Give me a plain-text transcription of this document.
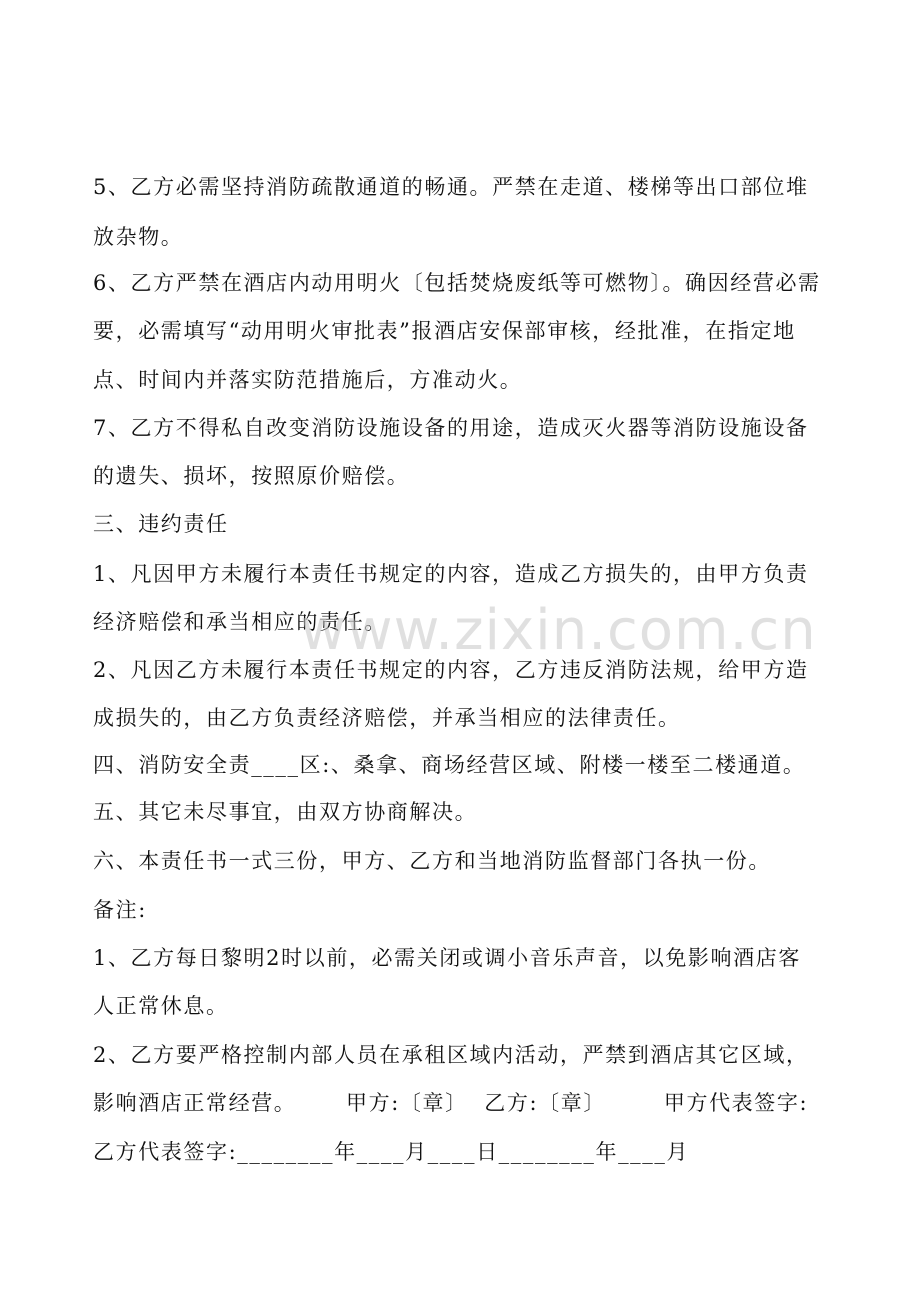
5、乙方必需坚持消防疏散通道的畅通。严禁在走道、楼梯等出口部位堆
放杂物。
6、乙方严禁在酒店内动用明火〔包括焚烧废纸等可燃物〕。确因经营必需
要，必需填写“动用明火审批表”报酒店安保部审核，经批准，在指定地
点、时间内并落实防范措施后，方准动火。
7、乙方不得私自改变消防设施设备的用途，造成灭火器等消防设施设备
的遗失、损坏，按照原价赔偿。
三、违约责任
1、凡因甲方未履行本责任书规定的内容，造成乙方损失的，由甲方负责
经济赔偿和承当相应的责任。
2、凡因乙方未履行本责任书规定的内容，乙方违反消防法规，给甲方造
成损失的，由乙方负责经济赔偿，并承当相应的法律责任。
四、消防安全责____区:、桑拿、商场经营区域、附楼一楼至二楼通道。
五、其它未尽事宜，由双方协商解决。
六、本责任书一式三份，甲方、乙方和当地消防监督部门各执一份。
备注:
1、乙方每日黎明2时以前，必需关闭或调小音乐声音，以免影响酒店客
人正常休息。
2、乙方要严格控制内部人员在承租区域内活动，严禁到酒店其它区域，
影响酒店正常经营。      甲方:〔章〕  乙方:〔章〕       甲方代表签字:
乙方代表签字:________年____月____日________年____月
www.zixin.com.cn
